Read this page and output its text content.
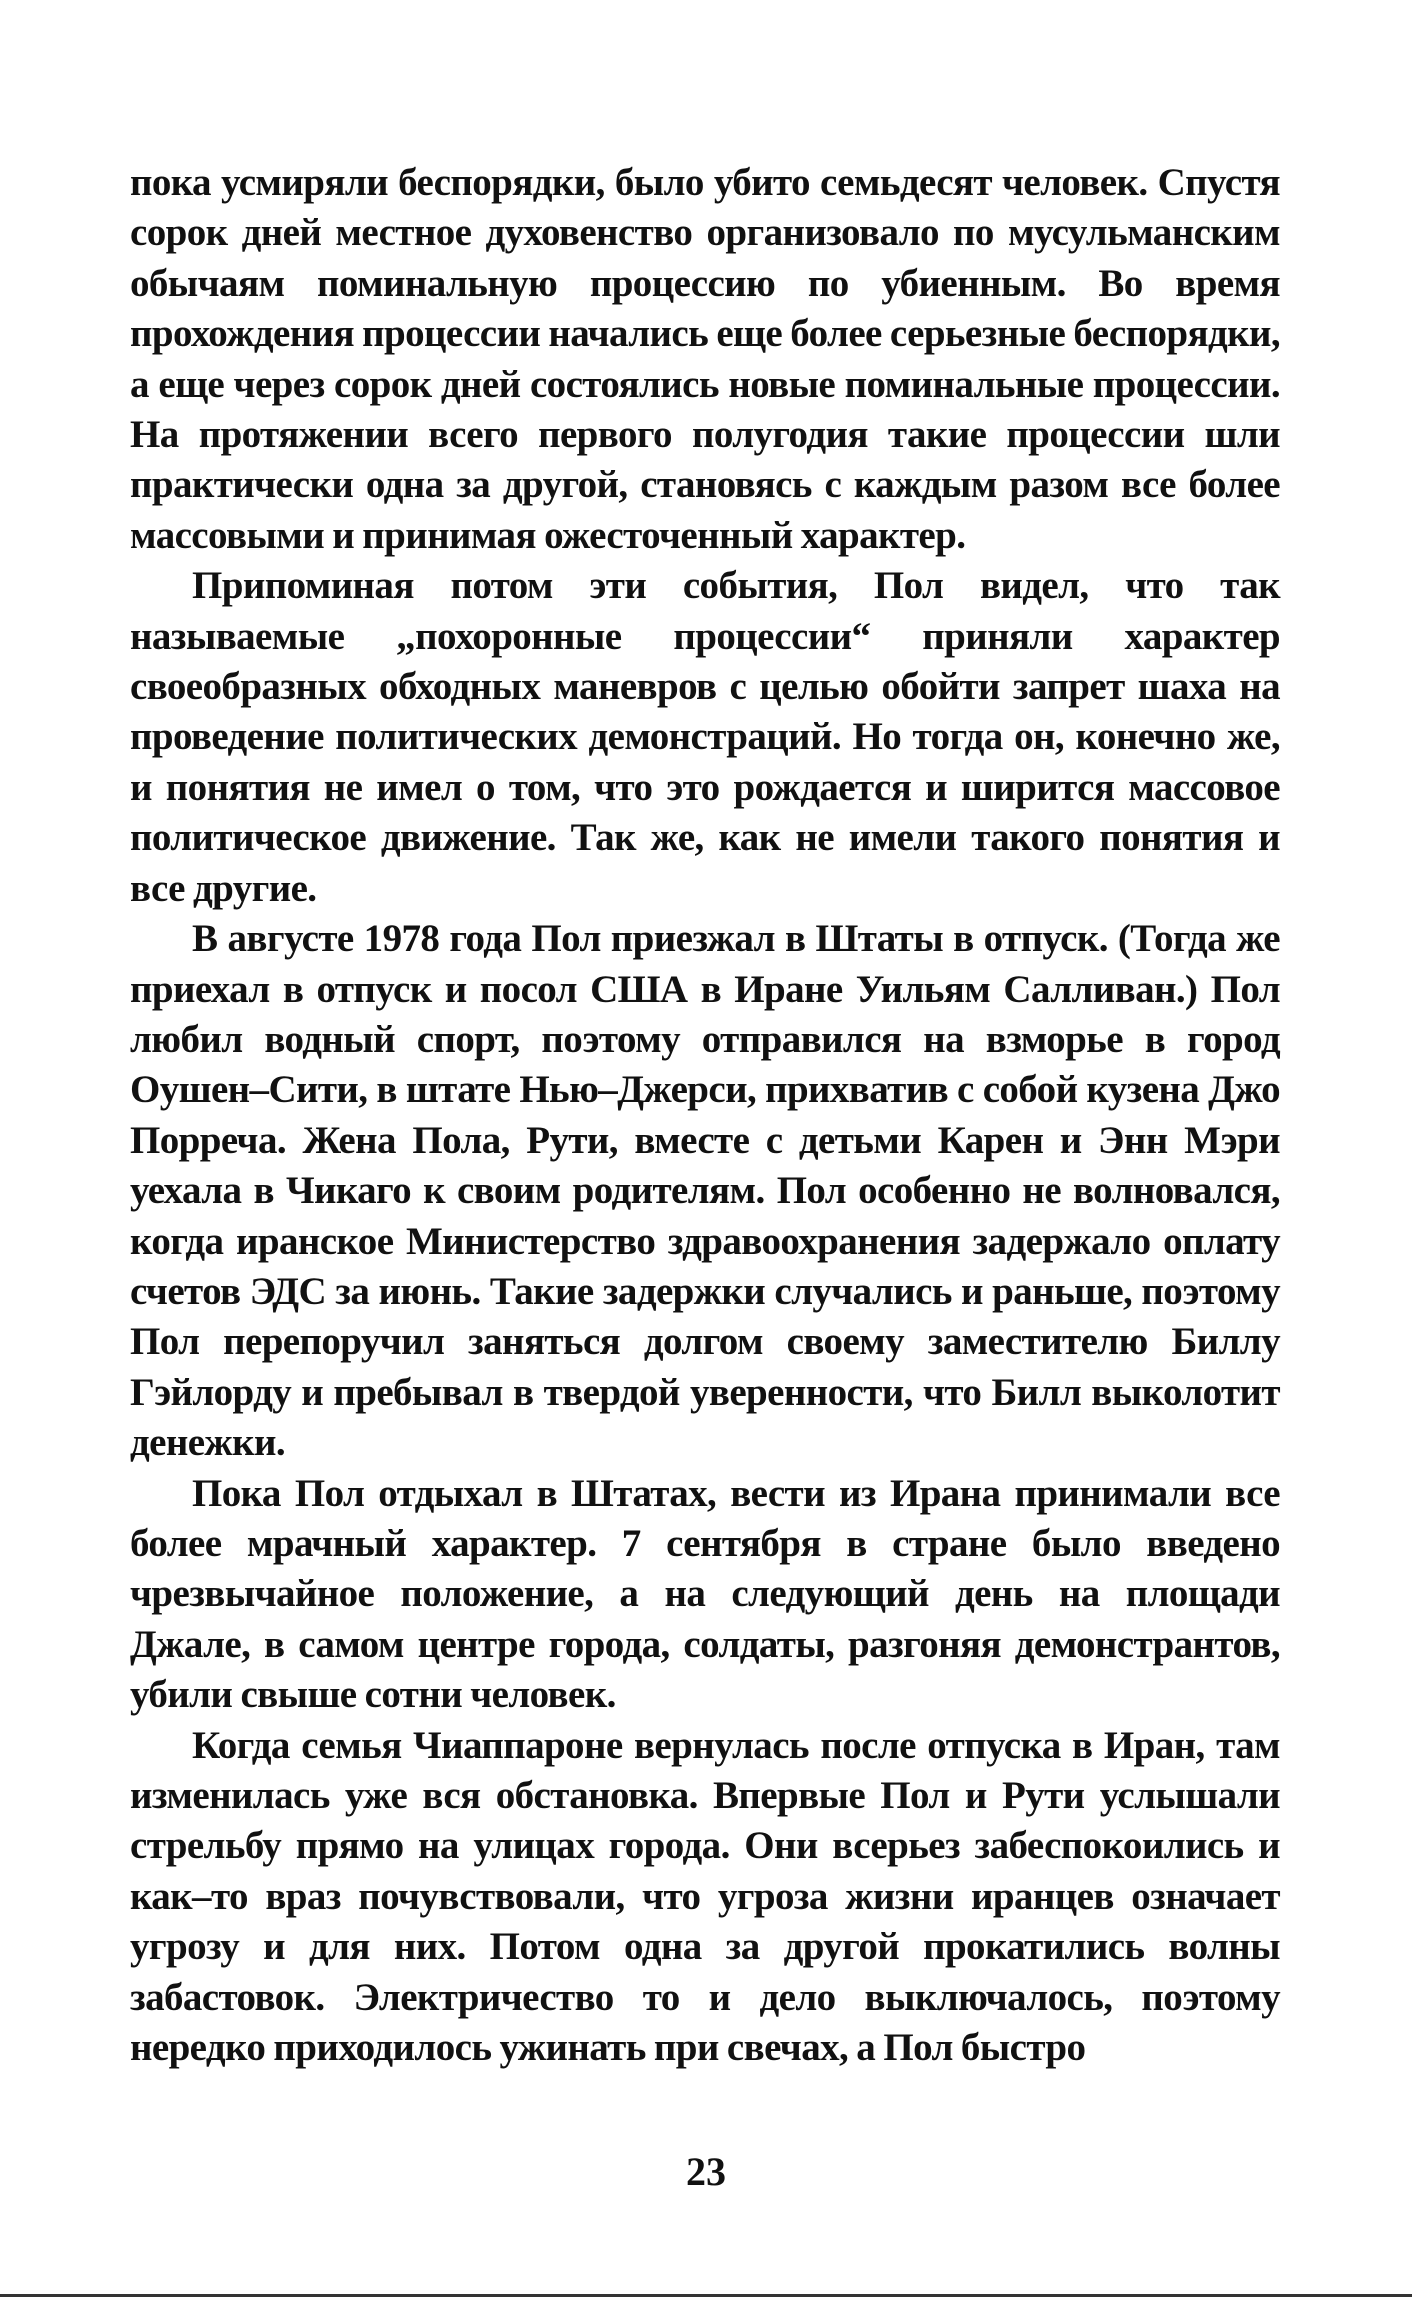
пока усмиряли беспорядки, было убито семьдесят человек. Спустя сорок дней местное духовенство организовало по мусульманским обычаям поминальную процессию по убиенным. Во время прохождения процессии начались еще более серьезные беспорядки, а еще через сорок дней состоялись новые поминальные процессии. На протяжении всего первого полугодия такие процессии шли практически одна за другой, становясь с каждым разом все более массовыми и принимая ожесточенный характер.

Припоминая потом эти события, Пол видел, что так называемые „похоронные процессии“ приняли характер своеобразных обходных маневров с целью обойти запрет шаха на проведение политических демонстраций. Но тогда он, конечно же, и понятия не имел о том, что это рождается и ширится массовое политическое движение. Так же, как не имели такого понятия и все другие.

В августе 1978 года Пол приезжал в Штаты в отпуск. (Тогда же приехал в отпуск и посол США в Иране Уильям Салливан.) Пол любил водный спорт, поэтому отправился на взморье в город Оушен–Сити, в штате Нью–Джерси, прихватив с собой кузена Джо Порреча. Жена Пола, Рути, вместе с детьми Карен и Энн Мэри уехала в Чикаго к своим родителям. Пол особенно не волновался, когда иранское Министерство здравоохранения задержало оплату счетов ЭДС за июнь. Такие задержки случались и раньше, поэтому Пол перепоручил заняться долгом своему заместителю Биллу Гэйлорду и пребывал в твердой уверенности, что Билл выколотит денежки.

Пока Пол отдыхал в Штатах, вести из Ирана принимали все более мрачный характер. 7 сентября в стране было введено чрезвычайное положение, а на следующий день на площади Джале, в самом центре города, солдаты, разгоняя демонстрантов, убили свыше сотни человек.

Когда семья Чиаппароне вернулась после отпуска в Иран, там изменилась уже вся обстановка. Впервые Пол и Рути услышали стрельбу прямо на улицах города. Они всерьез забеспокоились и как–то враз почувствовали, что угроза жизни иранцев означает угрозу и для них. Потом одна за другой прокатились волны забастовок. Электричество то и дело выключалось, поэтому нередко приходилось ужинать при свечах, а Пол быстро

23
